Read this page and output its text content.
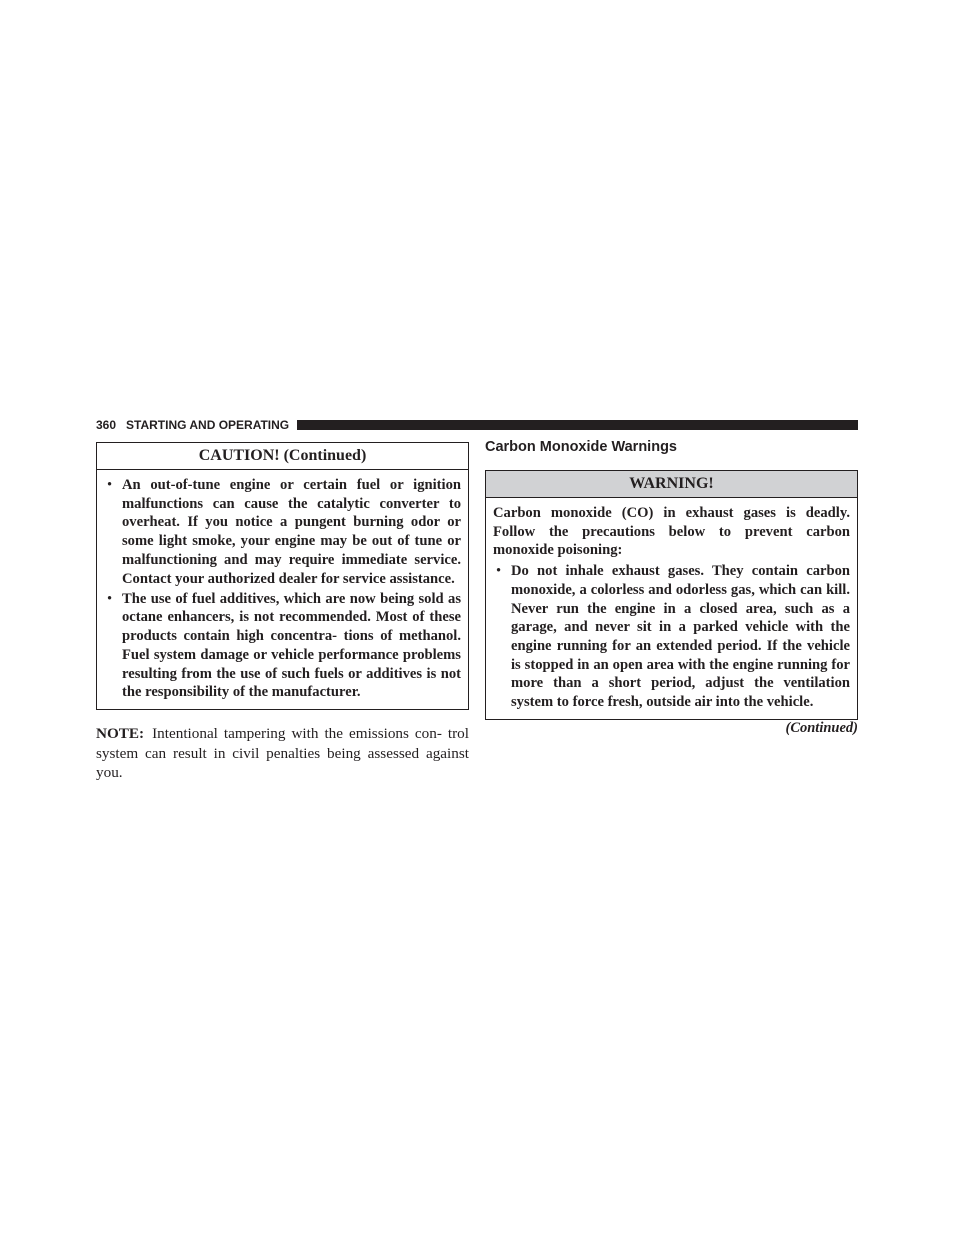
360 STARTING AND OPERATING
CAUTION! (Continued)
• An out-of-tune engine or certain fuel or ignition malfunctions can cause the catalytic converter to overheat. If you notice a pungent burning odor or some light smoke, your engine may be out of tune or malfunctioning and may require immediate service. Contact your authorized dealer for service assistance.
• The use of fuel additives, which are now being sold as octane enhancers, is not recommended. Most of these products contain high concentra- tions of methanol. Fuel system damage or vehicle performance problems resulting from the use of such fuels or additives is not the responsibility of the manufacturer.
NOTE: Intentional tampering with the emissions con- trol system can result in civil penalties being assessed against you.
Carbon Monoxide Warnings
WARNING!
Carbon monoxide (CO) in exhaust gases is deadly. Follow the precautions below to prevent carbon monoxide poisoning:
• Do not inhale exhaust gases. They contain carbon monoxide, a colorless and odorless gas, which can kill. Never run the engine in a closed area, such as a garage, and never sit in a parked vehicle with the engine running for an extended period. If the vehicle is stopped in an open area with the engine running for more than a short period, adjust the ventilation system to force fresh, outside air into the vehicle.
(Continued)
